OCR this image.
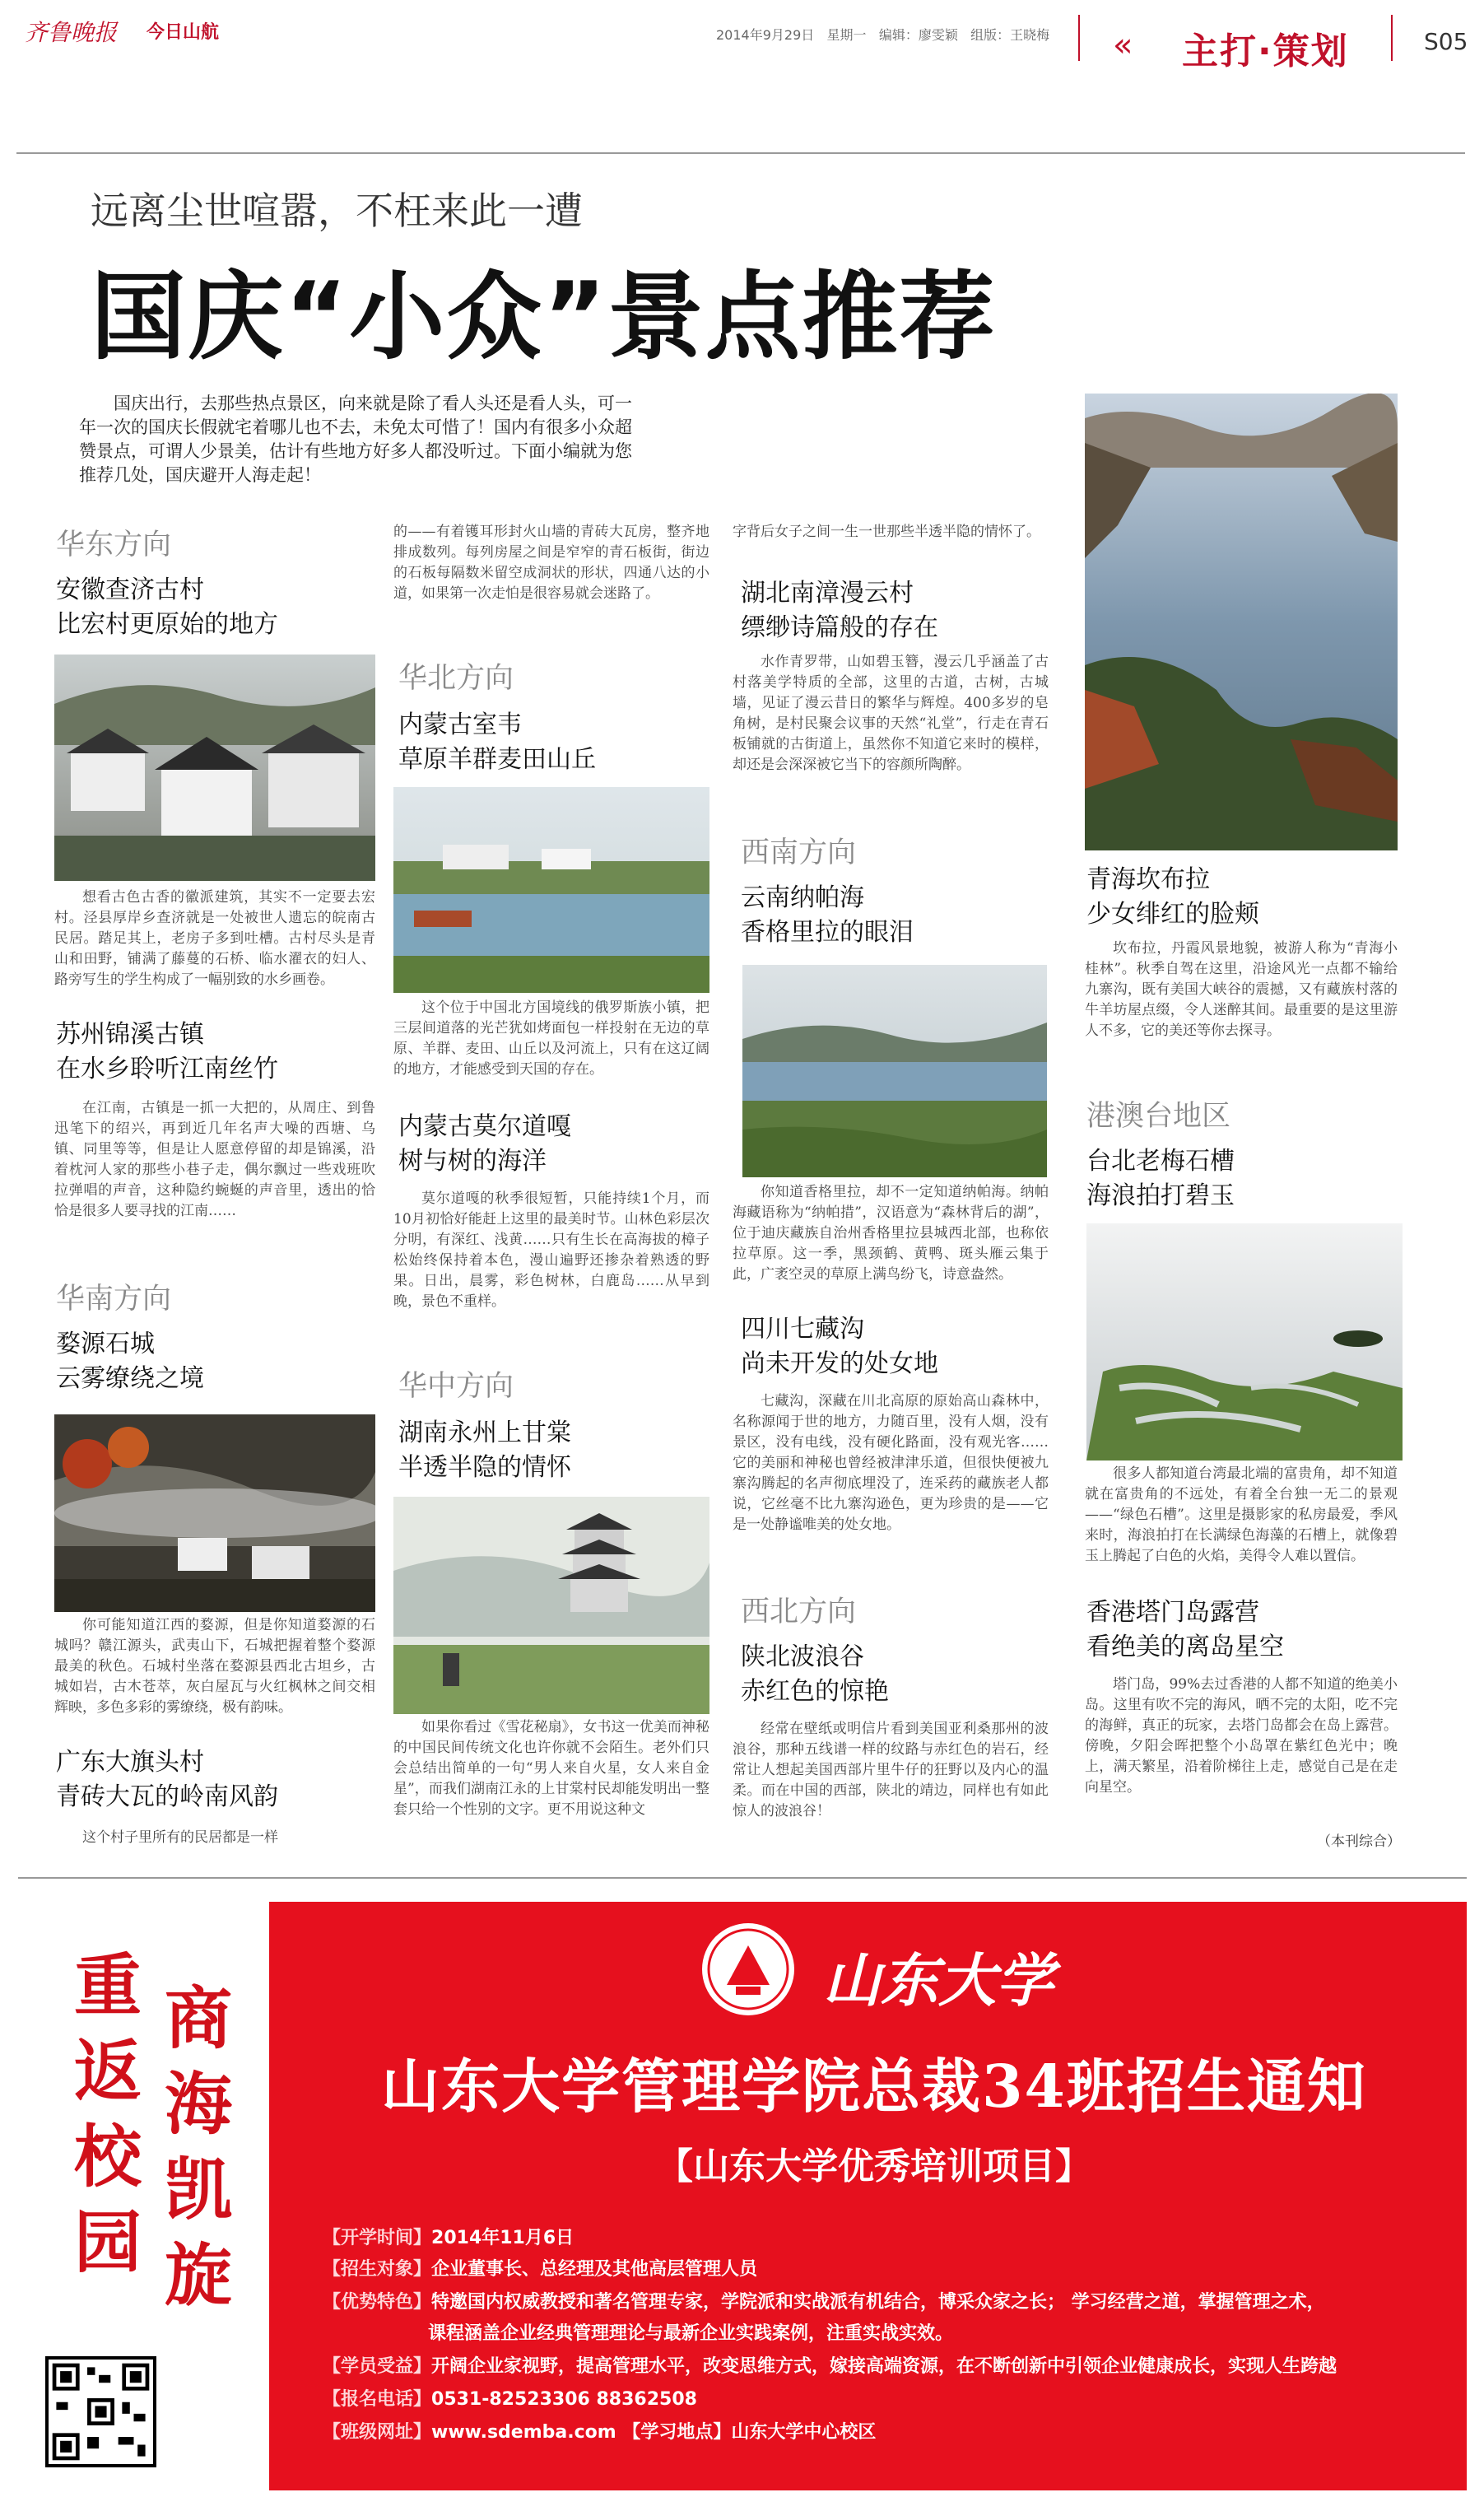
齐鲁晚报 今日山航	2014年9月29日 星期一 编辑：廖雯颖 组版：王晓梅 « 主打·策划	S05
远离尘世喧嚣，不枉来此一遭
国庆“小众”景点推荐
国庆出行，去那些热点景区，向来就是除了看人头还是看人头，可一年一次的国庆长假就宅着哪儿也不去，未免太可惜了！国内有很多小众超赞景点，可谓人少景美，估计有些地方好多人都没听过。下面小编就为您推荐几处，国庆避开人海走起！
华东方向
安徽查济古村
比宏村更原始的地方
想看古色古香的徽派建筑，其实不一定要去宏村。泾县厚岸乡查济就是一处被世人遗忘的皖南古民居。踏足其上，老房子多到吐槽。古村尽头是青山和田野，铺满了藤蔓的石桥、临水濯衣的妇人、路旁写生的学生构成了一幅别致的水乡画卷。
苏州锦溪古镇
在水乡聆听江南丝竹
在江南，古镇是一抓一大把的，从周庄、到鲁迅笔下的绍兴，再到近几年名声大噪的西塘、乌镇、同里等等，但是让人愿意停留的却是锦溪，沿着枕河人家的那些小巷子走，偶尔飘过一些戏班吹拉弹唱的声音，这种隐约蜿蜒的声音里，透出的恰恰是很多人要寻找的江南……
华南方向
婺源石城
云雾缭绕之境
你可能知道江西的婺源，但是你知道婺源的石城吗？赣江源头，武夷山下，石城把握着整个婺源最美的秋色。石城村坐落在婺源县西北古坦乡，古城如岩，古木苍萃，灰白屋瓦与火红枫林之间交相辉映，多色多彩的雾缭绕，极有韵味。
广东大旗头村
青砖大瓦的岭南风韵
这个村子里所有的民居都是一样
的——有着镬耳形封火山墙的青砖大瓦房，整齐地排成数列。每列房屋之间是窄窄的青石板街，街边的石板每隔数米留空成洞状的形状，四通八达的小道，如果第一次走怕是很容易就会迷路了。
华北方向
内蒙古室韦
草原羊群麦田山丘
这个位于中国北方国境线的俄罗斯族小镇，把三层间道落的光芒犹如烤面包一样投射在无边的草原、羊群、麦田、山丘以及河流上，只有在这辽阔的地方，才能感受到天国的存在。
内蒙古莫尔道嘎
树与树的海洋
莫尔道嘎的秋季很短暂，只能持续1个月，而10月初恰好能赶上这里的最美时节。山林色彩层次分明，有深红、浅黄……只有生长在高海拔的樟子松始终保持着本色，漫山遍野还掺杂着熟透的野果。日出，晨雾，彩色树林，白鹿岛……从早到晚，景色不重样。
华中方向
湖南永州上甘棠
半透半隐的情怀
如果你看过《雪花秘扇》，女书这一优美而神秘的中国民间传统文化也许你就不会陌生。老外们只会总结出简单的一句“男人来自火星，女人来自金星”，而我们湖南江永的上甘棠村民却能发明出一整套只给一个性别的文字。更不用说这种文
字背后女子之间一生一世那些半透半隐的情怀了。
湖北南漳漫云村
缥缈诗篇般的存在
水作青罗带，山如碧玉簪，漫云几乎涵盖了古村落美学特质的全部，这里的古道，古树，古城墙，见证了漫云昔日的繁华与辉煌。400多岁的皂角树，是村民聚会议事的天然“礼堂”，行走在青石板铺就的古街道上，虽然你不知道它来时的模样，却还是会深深被它当下的容颜所陶醉。
西南方向
云南纳帕海
香格里拉的眼泪
你知道香格里拉，却不一定知道纳帕海。纳帕海藏语称为“纳帕措”，汉语意为“森林背后的湖”，位于迪庆藏族自治州香格里拉县城西北部，也称依拉草原。这一季，黑颈鹤、黄鸭、斑头雁云集于此，广袤空灵的草原上满鸟纷飞，诗意盎然。
四川七藏沟
尚未开发的处女地
七藏沟，深藏在川北高原的原始高山森林中，名称源闻于世的地方，力随百里，没有人烟，没有景区，没有电线，没有硬化路面，没有观光客……它的美丽和神秘也曾经被津津乐道，但很快便被九寨沟腾起的名声彻底埋没了，连采药的藏族老人都说，它丝毫不比九寨沟逊色，更为珍贵的是——它是一处静谧唯美的处女地。
西北方向
陕北波浪谷
赤红色的惊艳
经常在壁纸或明信片看到美国亚利桑那州的波浪谷，那种五线谱一样的纹路与赤红色的岩石，经常让人想起美国西部片里牛仔的狂野以及内心的温柔。而在中国的西部，陕北的靖边，同样也有如此惊人的波浪谷！
青海坎布拉
少女绯红的脸颊
坎布拉，丹霞风景地貌，被游人称为“青海小桂林”。秋季自驾在这里，沿途风光一点都不输给九寨沟，既有美国大峡谷的震撼，又有藏族村落的牛羊坊屋点缀，令人迷醉其间。最重要的是这里游人不多，它的美还等你去探寻。
港澳台地区
台北老梅石槽
海浪拍打碧玉
很多人都知道台湾最北端的富贵角，却不知道就在富贵角的不远处，有着全台独一无二的景观——“绿色石槽”。这里是摄影家的私房最爱，季风来时，海浪拍打在长满绿色海藻的石槽上，就像碧玉上腾起了白色的火焰，美得令人难以置信。
香港塔门岛露营
看绝美的离岛星空
塔门岛，99%去过香港的人都不知道的绝美小岛。这里有吹不完的海风，晒不完的太阳，吃不完的海鲜，真正的玩家，去塔门岛都会在岛上露营。傍晚，夕阳会晖把整个小岛罩在紫红色光中；晚上，满天繁星，沿着阶梯往上走，感觉自己是在走向星空。
（本刊综合）
重返校园
商海凯旋
山东大学
山东大学管理学院总裁34班招生通知
【山东大学优秀培训项目】
【开学时间】2014年11月6日
【招生对象】企业董事长、总经理及其他高层管理人员
【优势特色】特邀国内权威教授和著名管理专家，学院派和实战派有机结合，博采众家之长； 学习经营之道，掌握管理之术，
课程涵盖企业经典管理理论与最新企业实践案例，注重实战实效。
【学员受益】开阔企业家视野，提高管理水平，改变思维方式，嫁接高端资源，在不断创新中引领企业健康成长，实现人生跨越
【报名电话】0531-82523306 88362508
【班级网址】www.sdemba.com 【学习地点】山东大学中心校区
